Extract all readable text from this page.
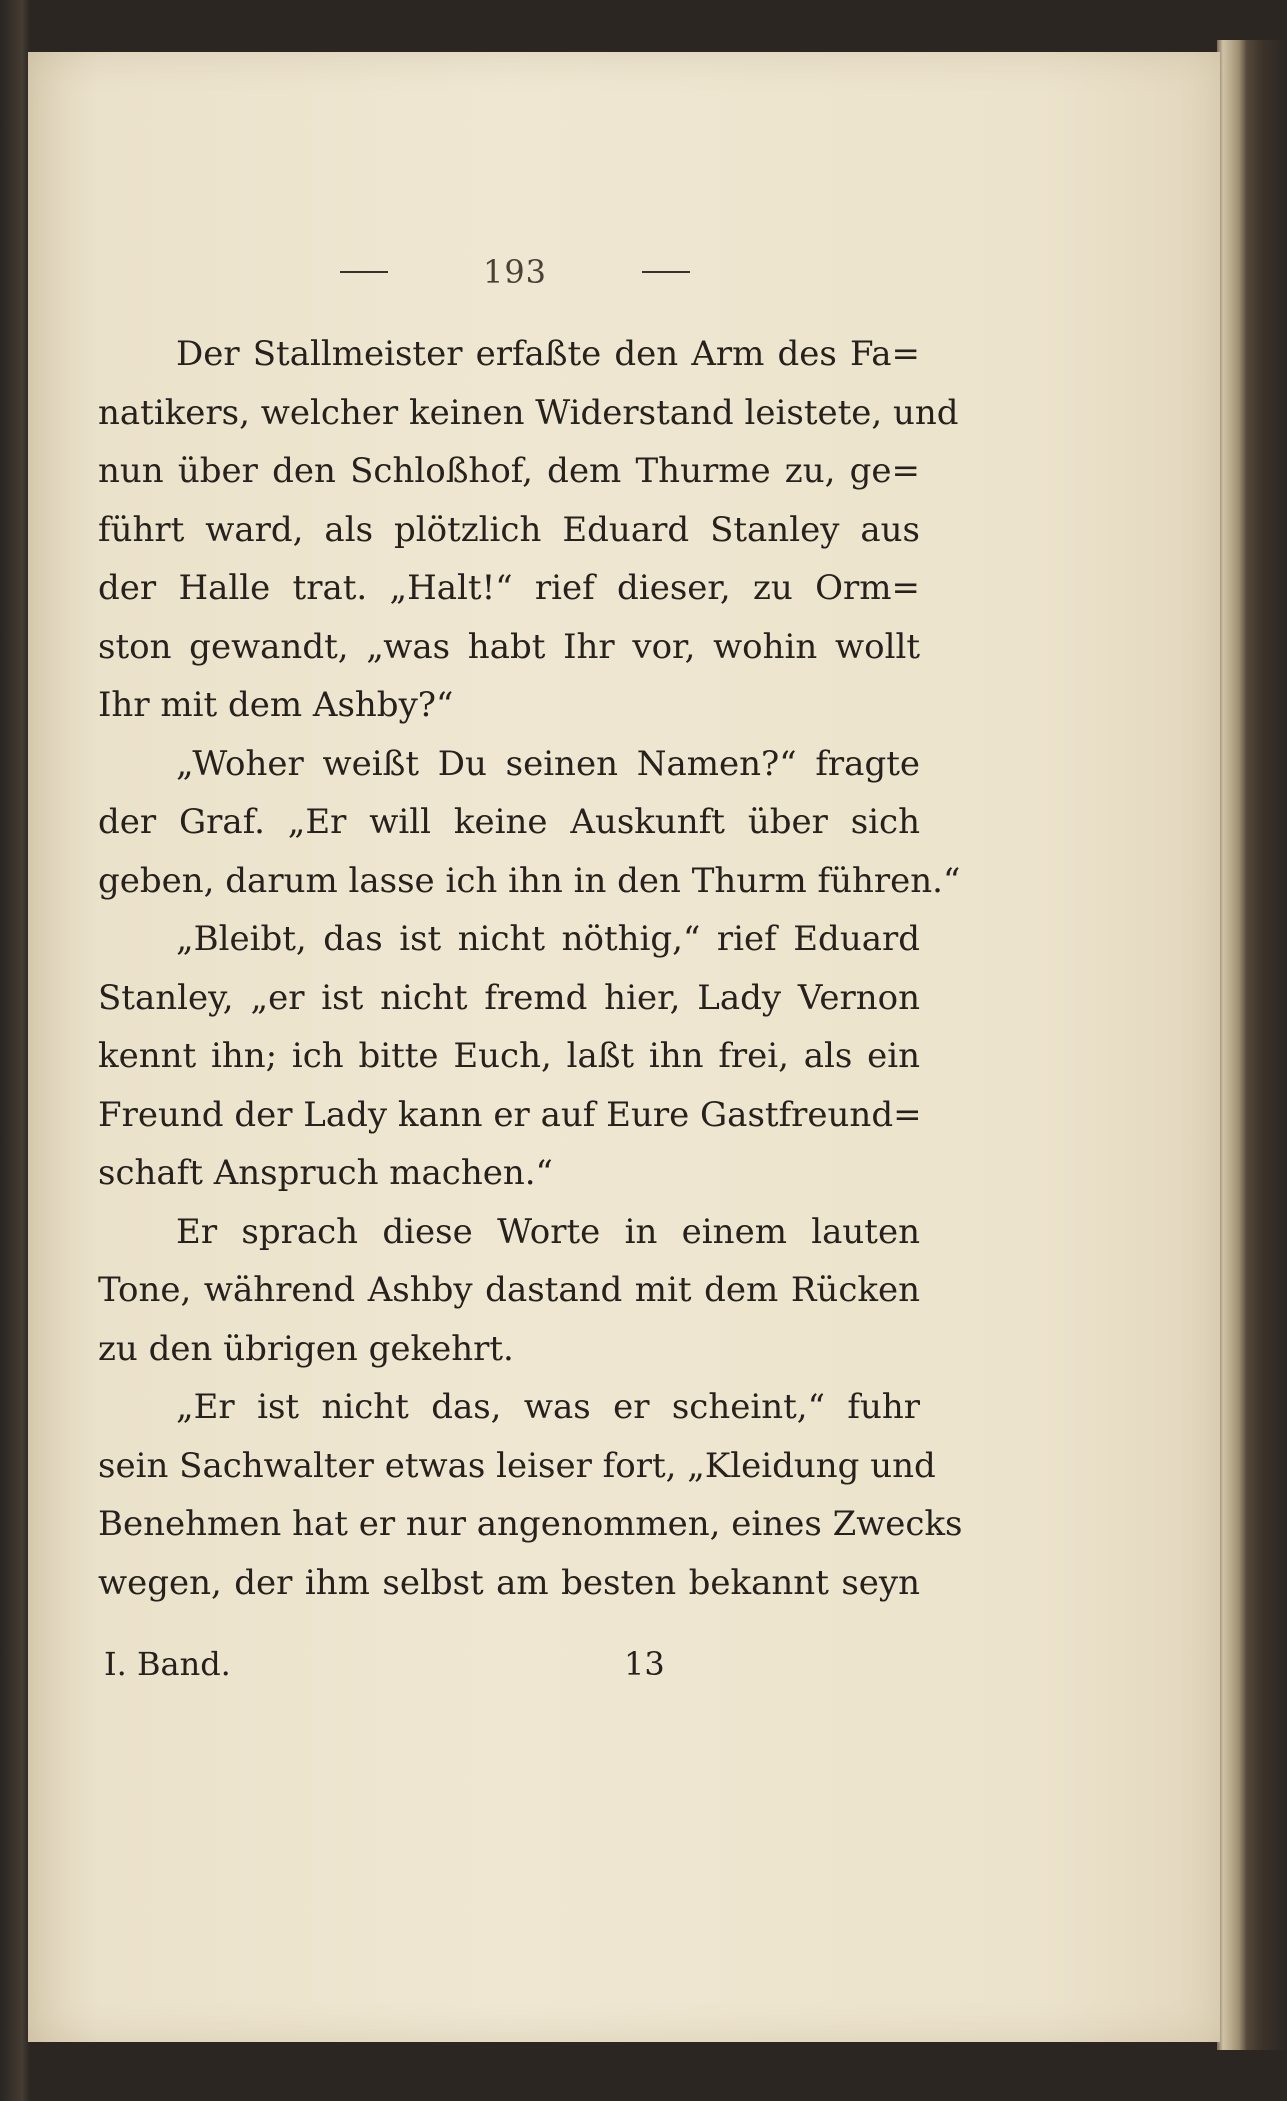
193
Der Stallmeister erfaßte den Arm des Fa=
natikers, welcher keinen Widerstand leistete, und
nun über den Schloßhof, dem Thurme zu, ge=
führt ward, als plötzlich Eduard Stanley aus
der Halle trat. „Halt!“ rief dieser, zu Orm=
ston gewandt, „was habt Ihr vor, wohin wollt
Ihr mit dem Ashby?“
„Woher weißt Du seinen Namen?“ fragte
der Graf. „Er will keine Auskunft über sich
geben, darum lasse ich ihn in den Thurm führen.“
„Bleibt, das ist nicht nöthig,“ rief Eduard
Stanley, „er ist nicht fremd hier, Lady Vernon
kennt ihn; ich bitte Euch, laßt ihn frei, als ein
Freund der Lady kann er auf Eure Gastfreund=
schaft Anspruch machen.“
Er sprach diese Worte in einem lauten
Tone, während Ashby dastand mit dem Rücken
zu den übrigen gekehrt.
„Er ist nicht das, was er scheint,“ fuhr
sein Sachwalter etwas leiser fort, „Kleidung und
Benehmen hat er nur angenommen, eines Zwecks
wegen, der ihm selbst am besten bekannt seyn
I. Band.	13
